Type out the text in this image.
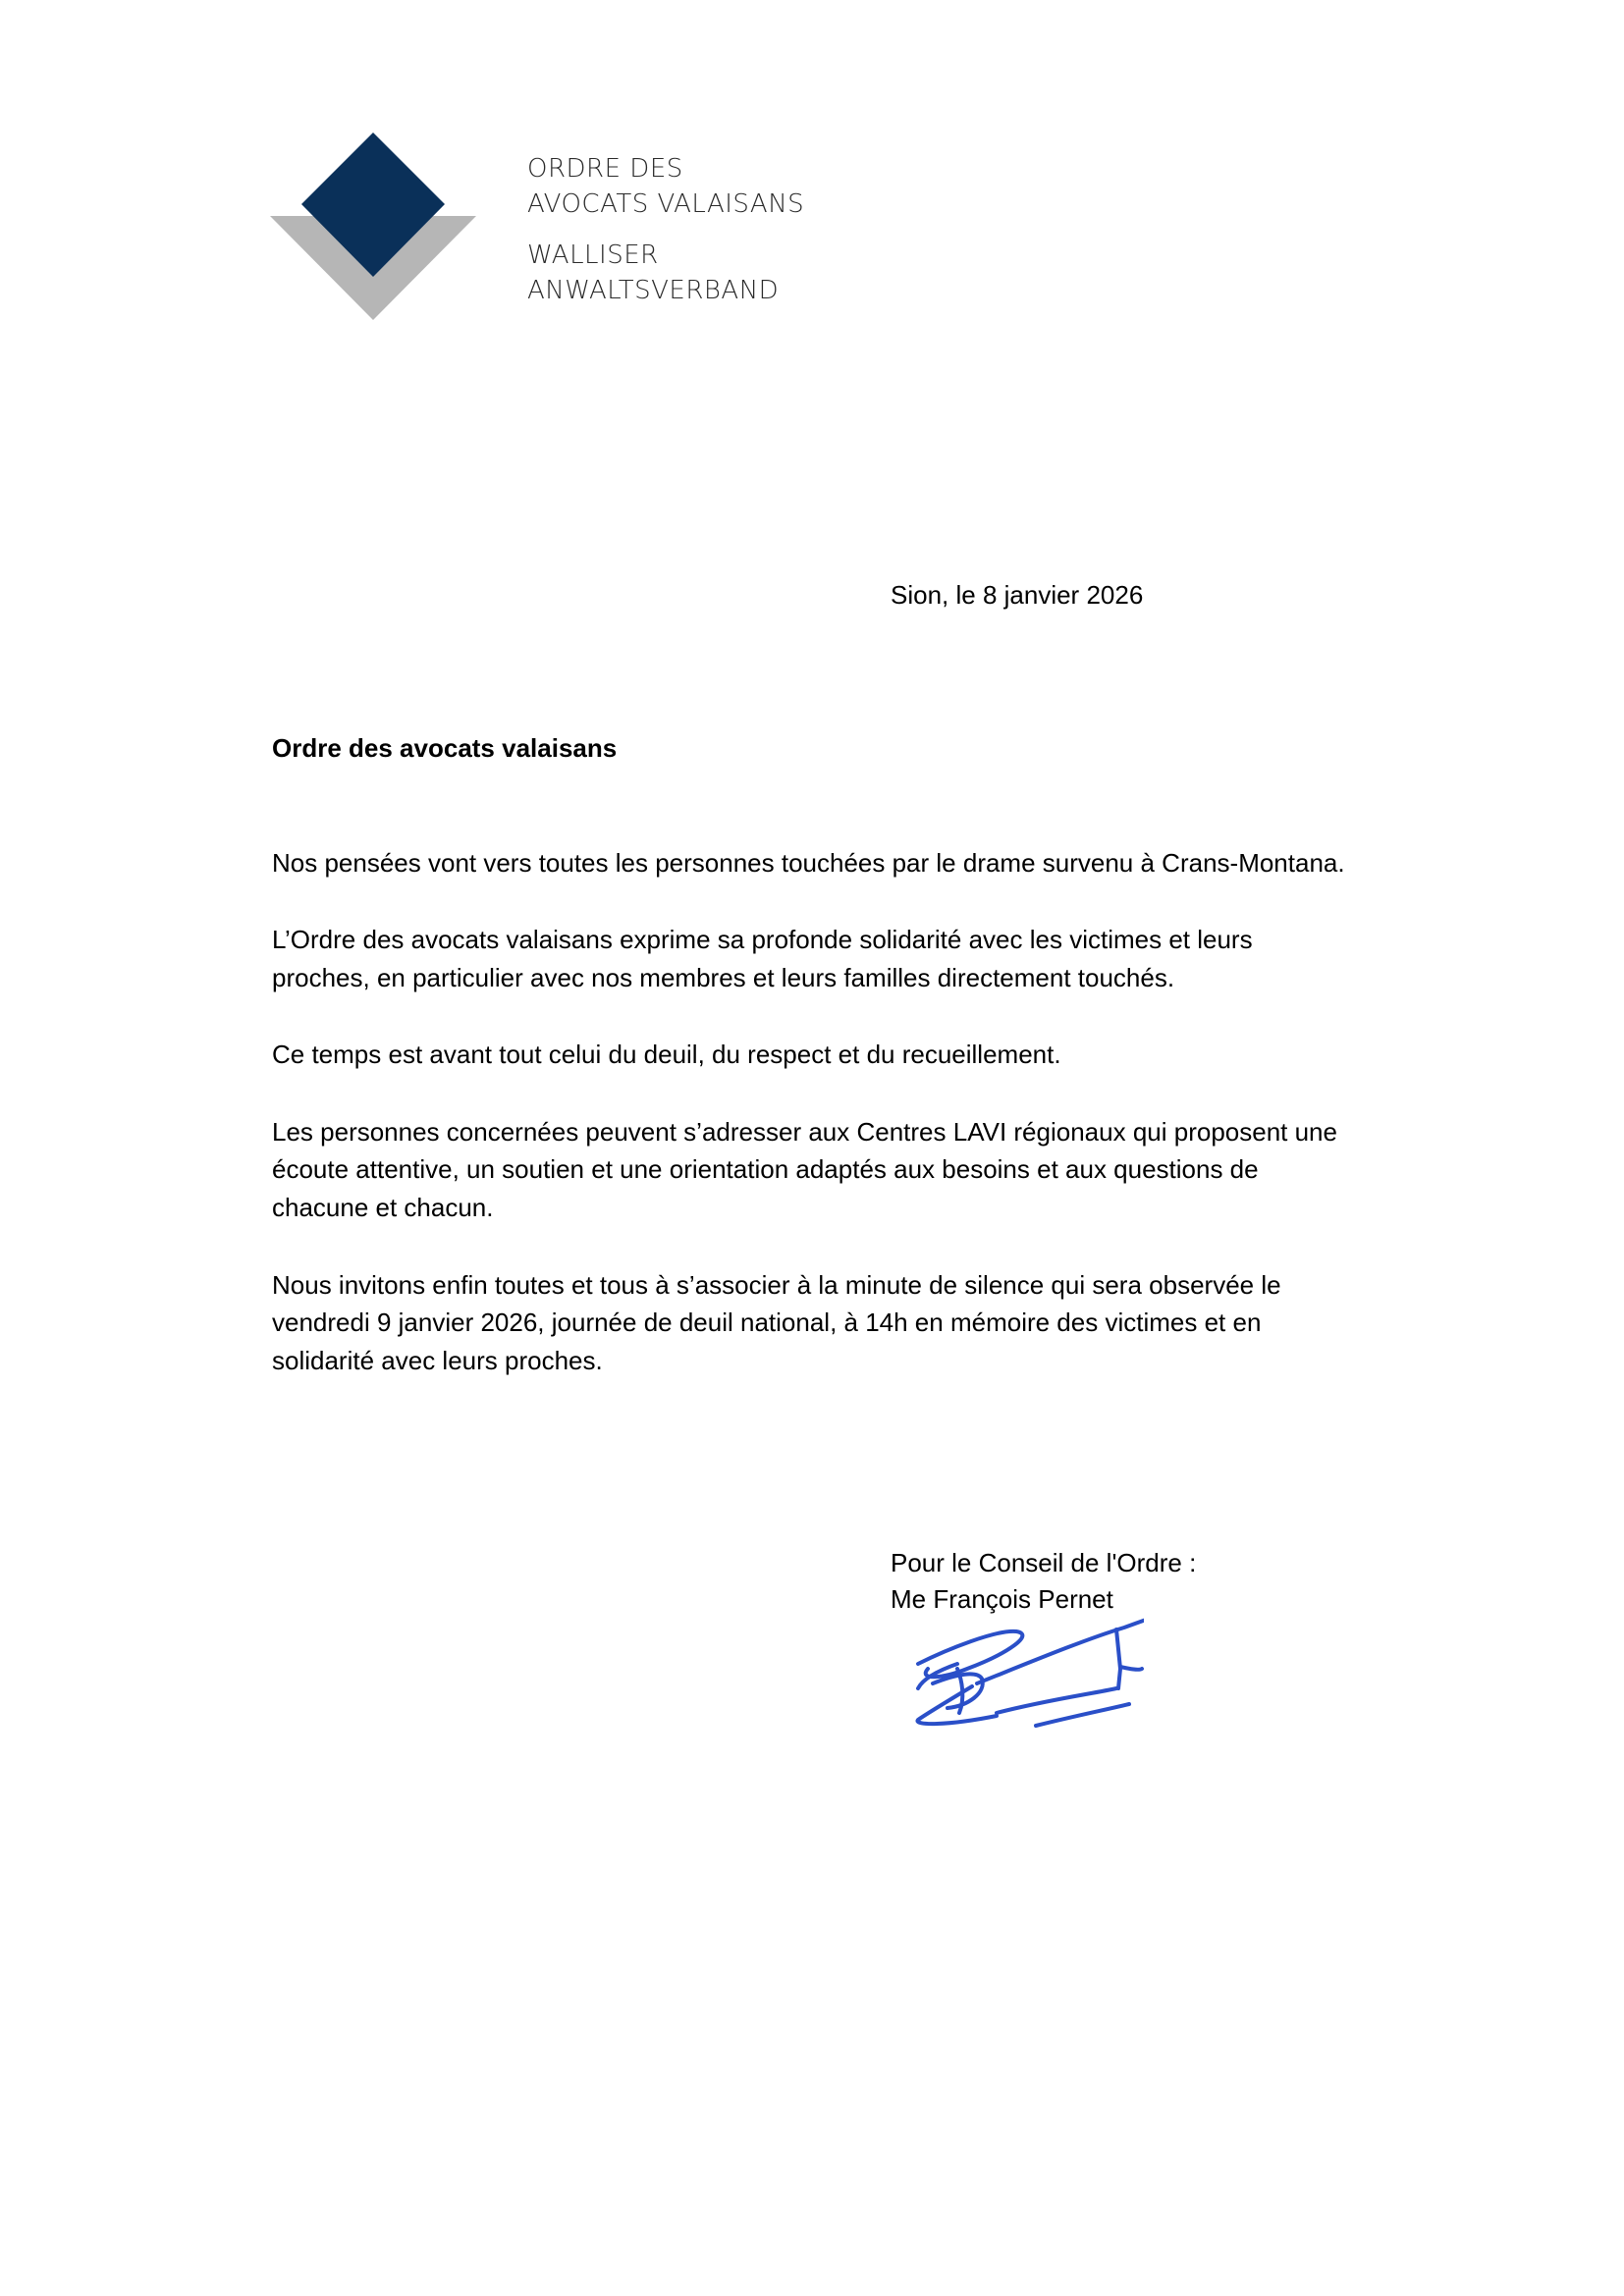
ORDRE DES
AVOCATS VALAISANS
WALLISER
ANWALTSVERBAND
Sion, le 8 janvier 2026
Ordre des avocats valaisans
Nos pensées vont vers toutes les personnes touchées par le drame survenu à Crans-Montana.
L’Ordre des avocats valaisans exprime sa profonde solidarité avec les victimes et leurs
proches, en particulier avec nos membres et leurs familles directement touchés.
Ce temps est avant tout celui du deuil, du respect et du recueillement.
Les personnes concernées peuvent s’adresser aux Centres LAVI régionaux qui proposent une
écoute attentive, un soutien et une orientation adaptés aux besoins et aux questions de
chacune et chacun.
Nous invitons enfin toutes et tous à s’associer à la minute de silence qui sera observée le
vendredi 9 janvier 2026, journée de deuil national, à 14h en mémoire des victimes et en
solidarité avec leurs proches.
Pour le Conseil de l'Ordre :
Me François Pernet
